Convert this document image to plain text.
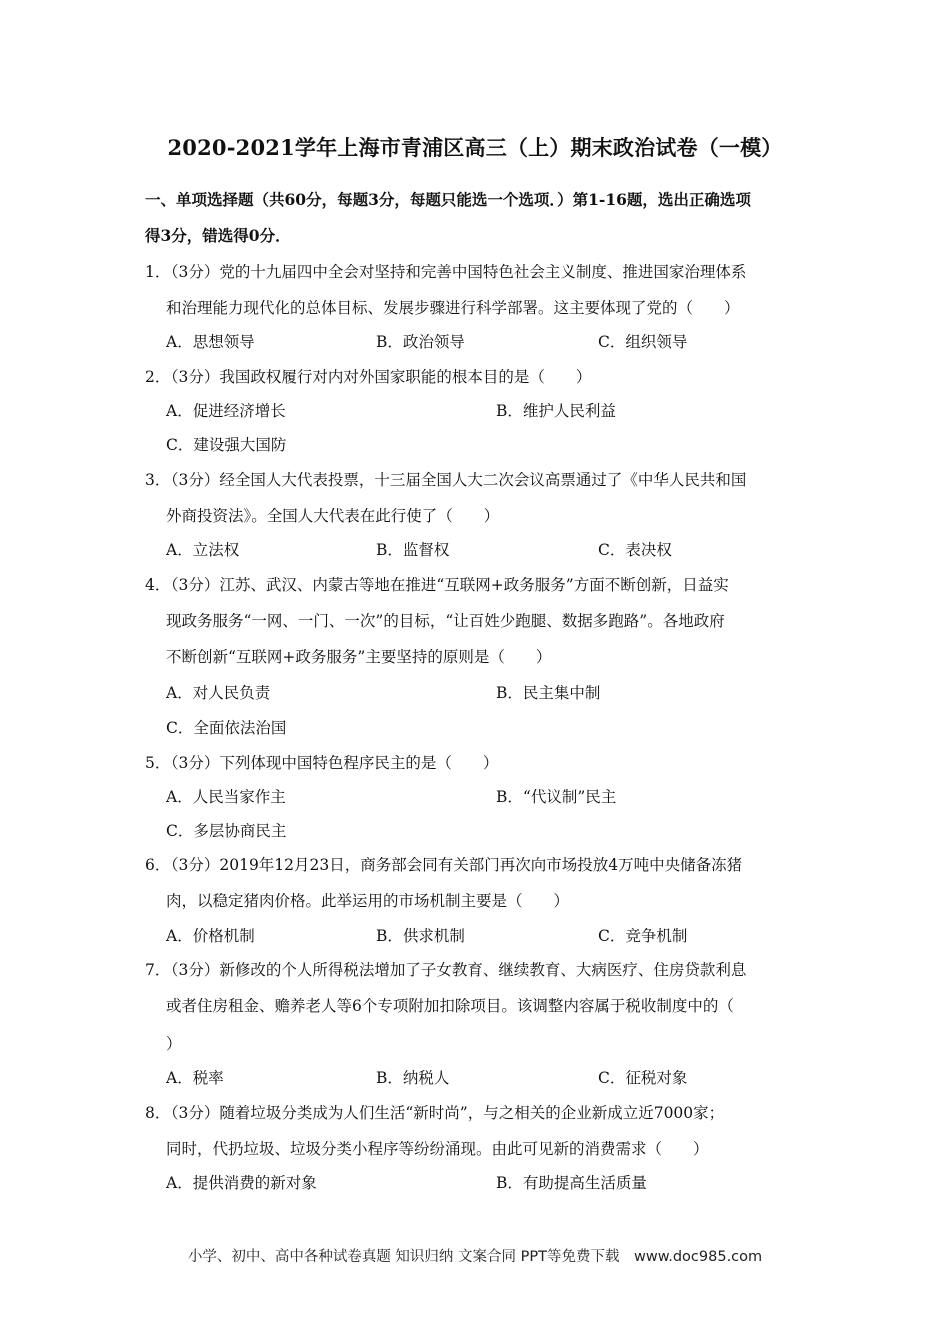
2020-2021学年上海市青浦区高三（上）期末政治试卷（一模）
一、单项选择题（共60分，每题3分，每题只能选一个选项．）第1-16题，选出正确选项
得3分，错选得0分．
1．
（3分）党的十九届四中全会对坚持和完善中国特色社会主义制度、推进国家治理体系
和治理能力现代化的总体目标、发展步骤进行科学部署。这主要体现了党的（　　）
A．思想领导	B．政治领导	C．组织领导
2．
（3分）我国政权履行对内对外国家职能的根本目的是（　　）
A．促进经济增长	B．维护人民利益
C．建设强大国防
3．
（3分）经全国人大代表投票，十三届全国人大二次会议高票通过了《中华人民共和国
外商投资法》。全国人大代表在此行使了（　　）
A．立法权	B．监督权	C．表决权
4．
（3分）江苏、武汉、内蒙古等地在推进“互联网+政务服务”方面不断创新，日益实
现政务服务“一网、一门、一次”的目标，“让百姓少跑腿、数据多跑路”。各地政府
不断创新“互联网+政务服务”主要坚持的原则是（　　）
A．对人民负责	B．民主集中制
C．全面依法治国
5．
（3分）下列体现中国特色程序民主的是（　　）
A．人民当家作主	B．“代议制”民主
C．多层协商民主
6．
（3分）2019年12月23日，商务部会同有关部门再次向市场投放4万吨中央储备冻猪
肉，以稳定猪肉价格。此举运用的市场机制主要是（　　）
A．价格机制	B．供求机制	C．竞争机制
7．
（3分）新修改的个人所得税法增加了子女教育、继续教育、大病医疗、住房贷款利息
或者住房租金、赡养老人等6个专项附加扣除项目。该调整内容属于税收制度中的（
）
A．税率	B．纳税人	C．征税对象
8．
（3分）随着垃圾分类成为人们生活“新时尚”，与之相关的企业新成立近7000家；
同时，代扔垃圾、垃圾分类小程序等纷纷涌现。由此可见新的消费需求（　　）
A．提供消费的新对象	B．有助提高生活质量
小学、初中、高中各种试卷真题 知识归纳 文案合同 PPT等免费下载　www.doc985.com
